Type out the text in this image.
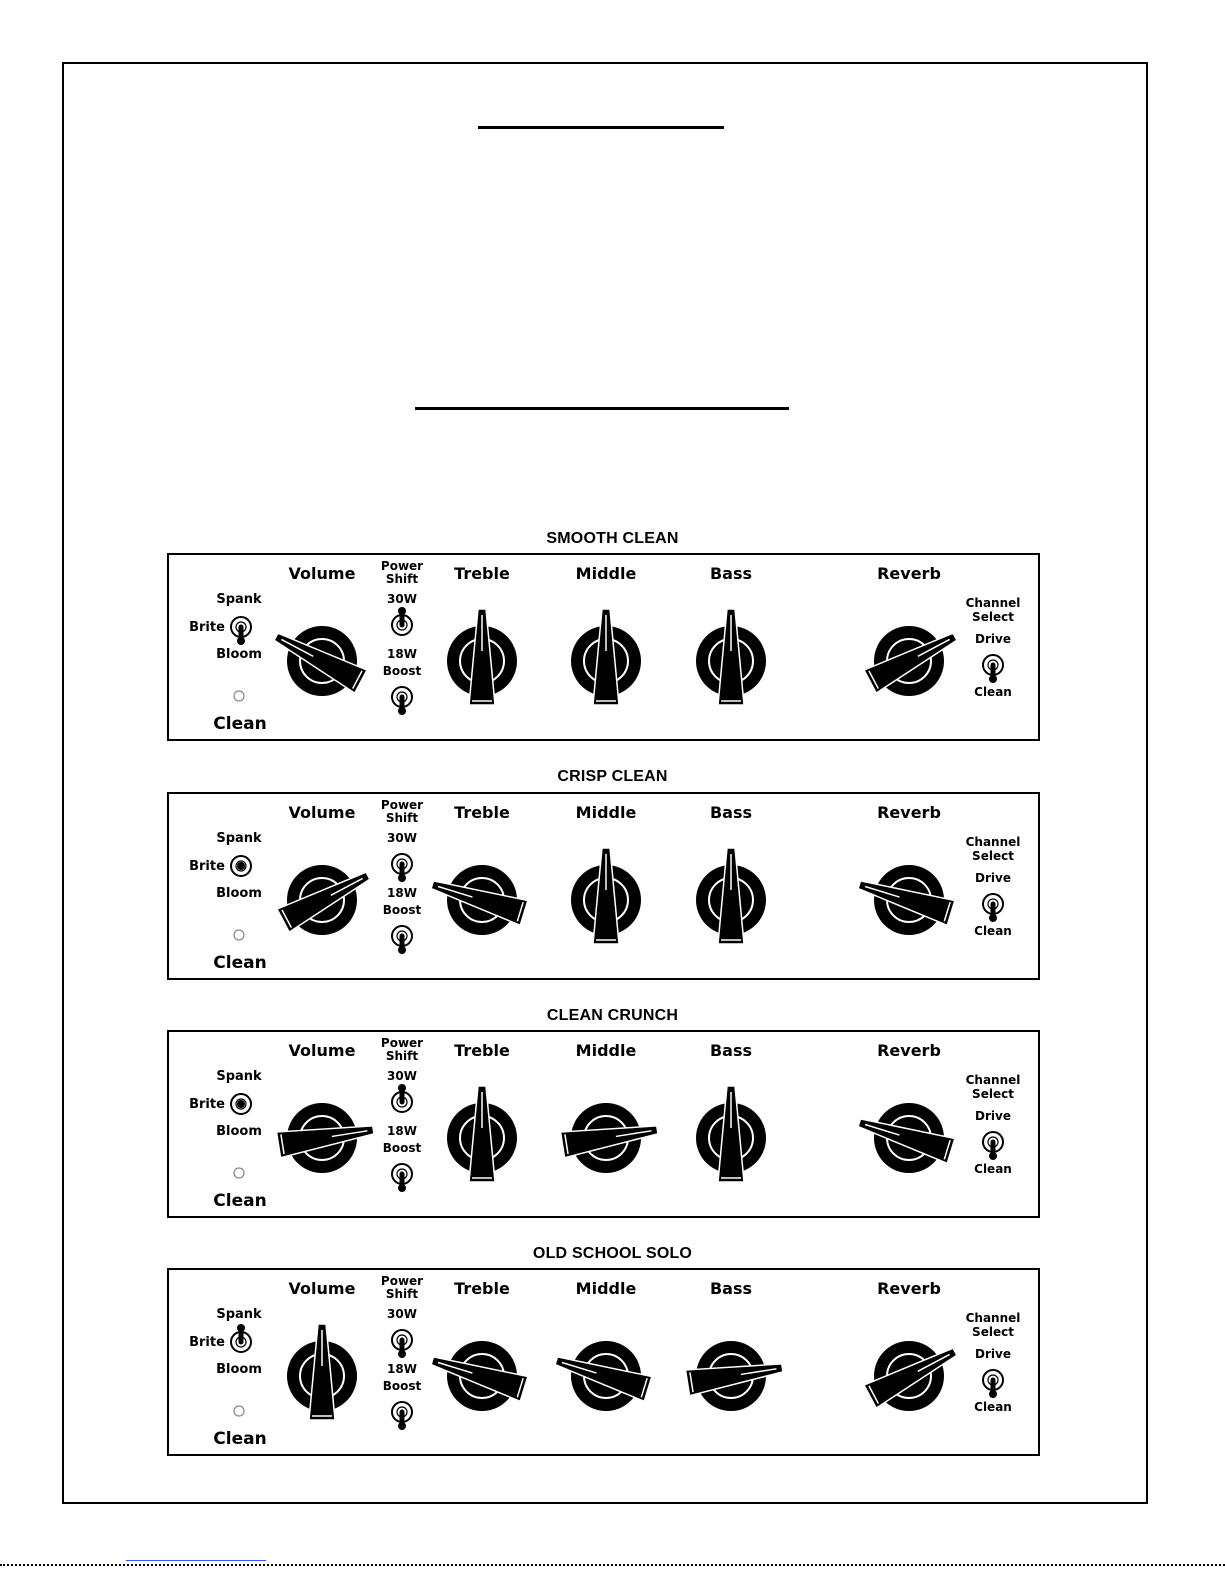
SMOOTH CLEAN
Spank
Brite
Bloom
Clean
Volume Power
Shift
30W
18W
Boost
Treble	Middle	Bass	Reverb
Channel
Select
Drive
Clean
CRISP CLEAN
Spank
Brite
Bloom
Clean
Volume Power
Shift
30W
18W
Boost
Treble	Middle	Bass	Reverb
Channel
Select
Drive
Clean
CLEAN CRUNCH
Spank
Brite
Bloom
Clean
Volume Power
Shift
30W
18W
Boost
Treble	Middle	Bass	Reverb
Channel
Select
Drive
Clean
OLD SCHOOL SOLO
Spank
Brite
Bloom
Clean
Volume Power
Shift
30W
18W
Boost
Treble	Middle	Bass	Reverb
Channel
Select
Drive
Clean
